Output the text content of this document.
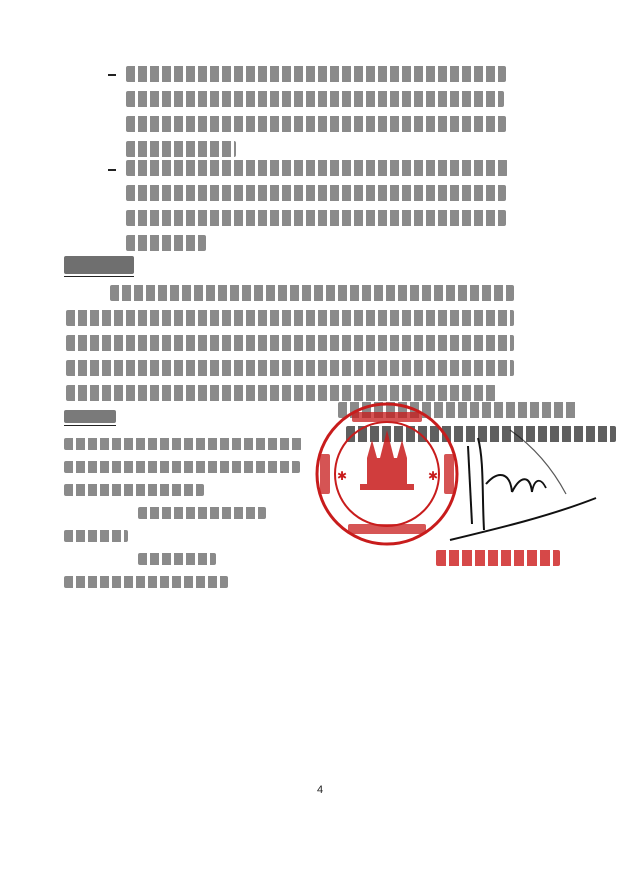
✱	✱
4
